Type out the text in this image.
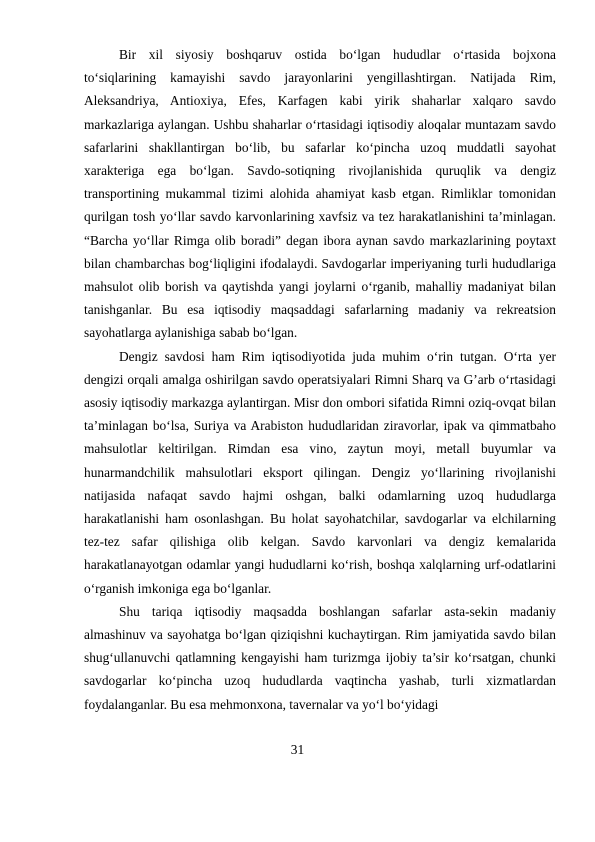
Bir xil siyosiy boshqaruv ostida bo‘lgan hududlar o‘rtasida bojxona to‘siqlarining kamayishi savdo jarayonlarini yengillashtirgan. Natijada Rim, Aleksandriya, Antioxiya, Efes, Karfagen kabi yirik shaharlar xalqaro savdo markazlariga aylangan. Ushbu shaharlar o‘rtasidagi iqtisodiy aloqalar muntazam savdo safarlarini shakllantirgan bo‘lib, bu safarlar ko‘pincha uzoq muddatli sayohat xarakteriga ega bo‘lgan. Savdo-sotiqning rivojlanishida quruqlik va dengiz transportining mukammal tizimi alohida ahamiyat kasb etgan. Rimliklar tomonidan qurilgan tosh yo‘llar savdo karvonlarining xavfsiz va tez harakatlanishini ta’minlagan. “Barcha yo‘llar Rimga olib boradi” degan ibora aynan savdo markazlarining poytaxt bilan chambarchas bog‘liqligini ifodalaydi. Savdogarlar imperiyaning turli hududlariga mahsulot olib borish va qaytishda yangi joylarni o‘rganib, mahalliy madaniyat bilan tanishganlar. Bu esa iqtisodiy maqsaddagi safarlarning madaniy va rekreatsion sayohatlarga aylanishiga sabab bo‘lgan.

Dengiz savdosi ham Rim iqtisodiyotida juda muhim o‘rin tutgan. O‘rta yer dengizi orqali amalga oshirilgan savdo operatsiyalari Rimni Sharq va G’arb o‘rtasidagi asosiy iqtisodiy markazga aylantirgan. Misr don ombori sifatida Rimni oziq-ovqat bilan ta’minlagan bo‘lsa, Suriya va Arabiston hududlaridan ziravorlar, ipak va qimmatbaho mahsulotlar keltirilgan. Rimdan esa vino, zaytun moyi, metall buyumlar va hunarmandchilik mahsulotlari eksport qilingan. Dengiz yo‘llarining rivojlanishi natijasida nafaqat savdo hajmi oshgan, balki odamlarning uzoq hududlarga harakatlanishi ham osonlashgan. Bu holat sayohatchilar, savdogarlar va elchilarning tez-tez safar qilishiga olib kelgan. Savdo karvonlari va dengiz kemalarida harakatlanayotgan odamlar yangi hududlarni ko‘rish, boshqa xalqlarning urf-odatlarini o‘rganish imkoniga ega bo‘lganlar.

Shu tariqa iqtisodiy maqsadda boshlangan safarlar asta-sekin madaniy almashinuv va sayohatga bo‘lgan qiziqishni kuchaytirgan. Rim jamiyatida savdo bilan shug‘ullanuvchi qatlamning kengayishi ham turizmga ijobiy ta’sir ko‘rsatgan, chunki savdogarlar ko‘pincha uzoq hududlarda vaqtincha yashab, turli xizmatlardan foydalanganlar. Bu esa mehmonxona, tavernalar va yo‘l bo‘yidagi

31
